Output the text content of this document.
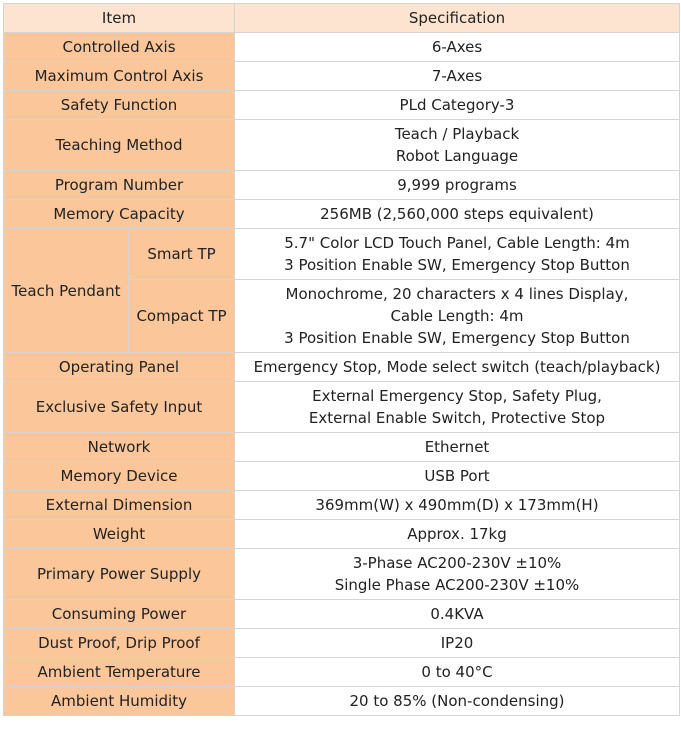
Item		Specification
Controlled Axis		6-Axes

Maximum Control Axis		7-Axes

Safety Function		PLd Category-3

Teaching Method		Teach / Playback
Robot Language

Program Number		9,999 programs

Memory Capacity		256MB (2,560,000 steps equivalent)

Teach Pendant	Smart TP	5.7" Color LCD Touch Panel, Cable Length: 4m
3 Position Enable SW, Emergency Stop Button

	Compact TP	Monochrome, 20 characters x 4 lines Display,
Cable Length: 4m
3 Position Enable SW, Emergency Stop Button

Operating Panel		Emergency Stop, Mode select switch (teach/playback)

Exclusive Safety Input		External Emergency Stop, Safety Plug,
External Enable Switch, Protective Stop

Network		Ethernet

Memory Device		USB Port

External Dimension		369mm(W) x 490mm(D) x 173mm(H)

Weight		Approx. 17kg

Primary Power Supply		3-Phase AC200-230V ±10%
Single Phase AC200-230V ±10%

Consuming Power		0.4KVA

Dust Proof, Drip Proof		IP20

Ambient Temperature		0 to 40°C

Ambient Humidity		20 to 85% (Non-condensing)
